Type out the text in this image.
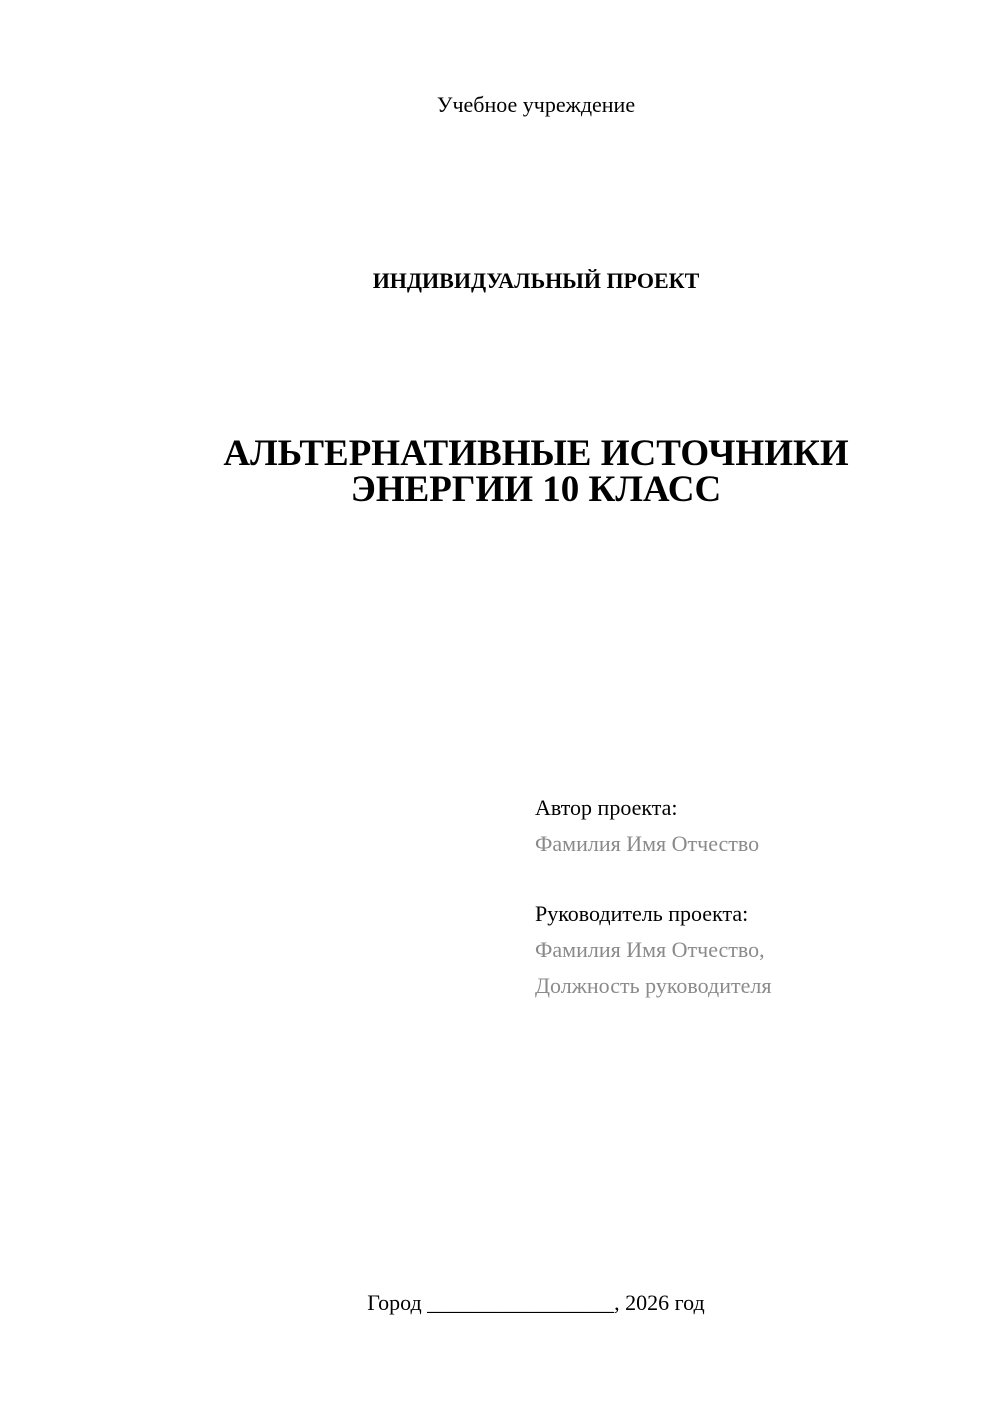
Учебное учреждение
ИНДИВИДУАЛЬНЫЙ ПРОЕКТ
АЛЬТЕРНАТИВНЫЕ ИСТОЧНИКИ
ЭНЕРГИИ 10 КЛАСС
Автор проекта:
Фамилия Имя Отчество
Руководитель проекта:
Фамилия Имя Отчество,
Должность руководителя
Город _________________, 2026 год
